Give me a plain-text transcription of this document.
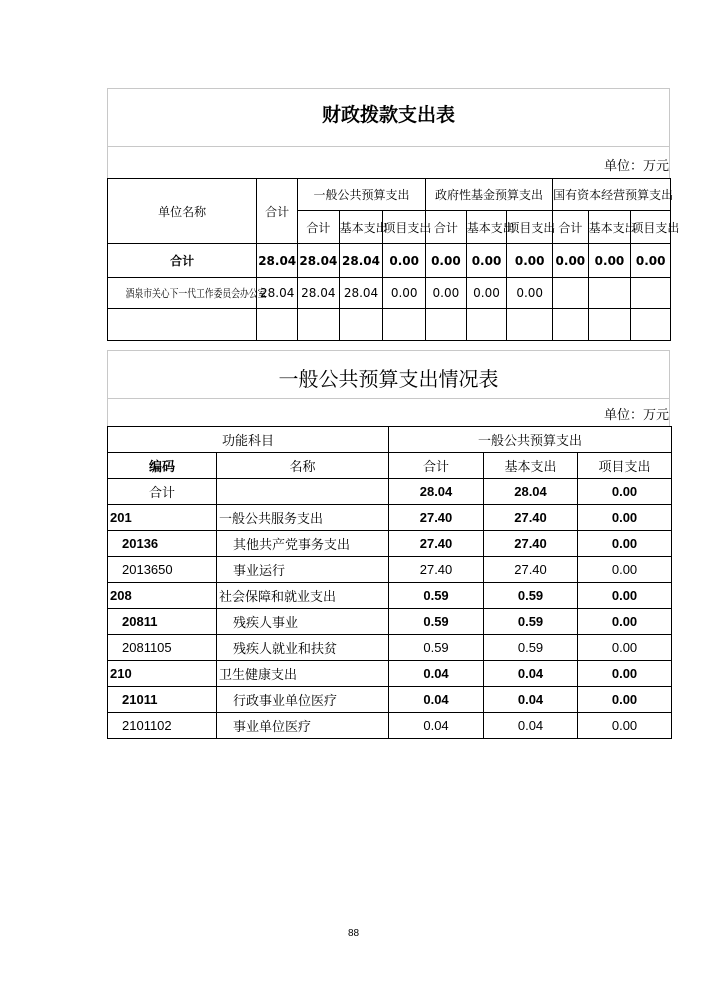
财政拨款支出表
单位：万元
单位名称	合计	一般公共预算支出			政府性基金预算支出			国有资本经营预算支出		
		合计	基本支出	项目支出	合计	基本支出	项目支出	合计	基本支出	项目支出
合计	28.04	28.04	28.04	0.00	0.00	0.00	0.00	0.00	0.00	0.00
酒泉市关心下一代工作委员会办公室	28.04	28.04	28.04	0.00	0.00	0.00	0.00			

一般公共预算支出情况表
单位：万元
功能科目		一般公共预算支出		
编码	名称	合计	基本支出	项目支出
合计		28.04	28.04	0.00
201	一般公共服务支出	27.40	27.40	0.00
20136	其他共产党事务支出	27.40	27.40	0.00
2013650	事业运行	27.40	27.40	0.00
208	社会保障和就业支出	0.59	0.59	0.00
20811	残疾人事业	0.59	0.59	0.00
2081105	残疾人就业和扶贫	0.59	0.59	0.00
210	卫生健康支出	0.04	0.04	0.00
21011	行政事业单位医疗	0.04	0.04	0.00
2101102	事业单位医疗	0.04	0.04	0.00
88
